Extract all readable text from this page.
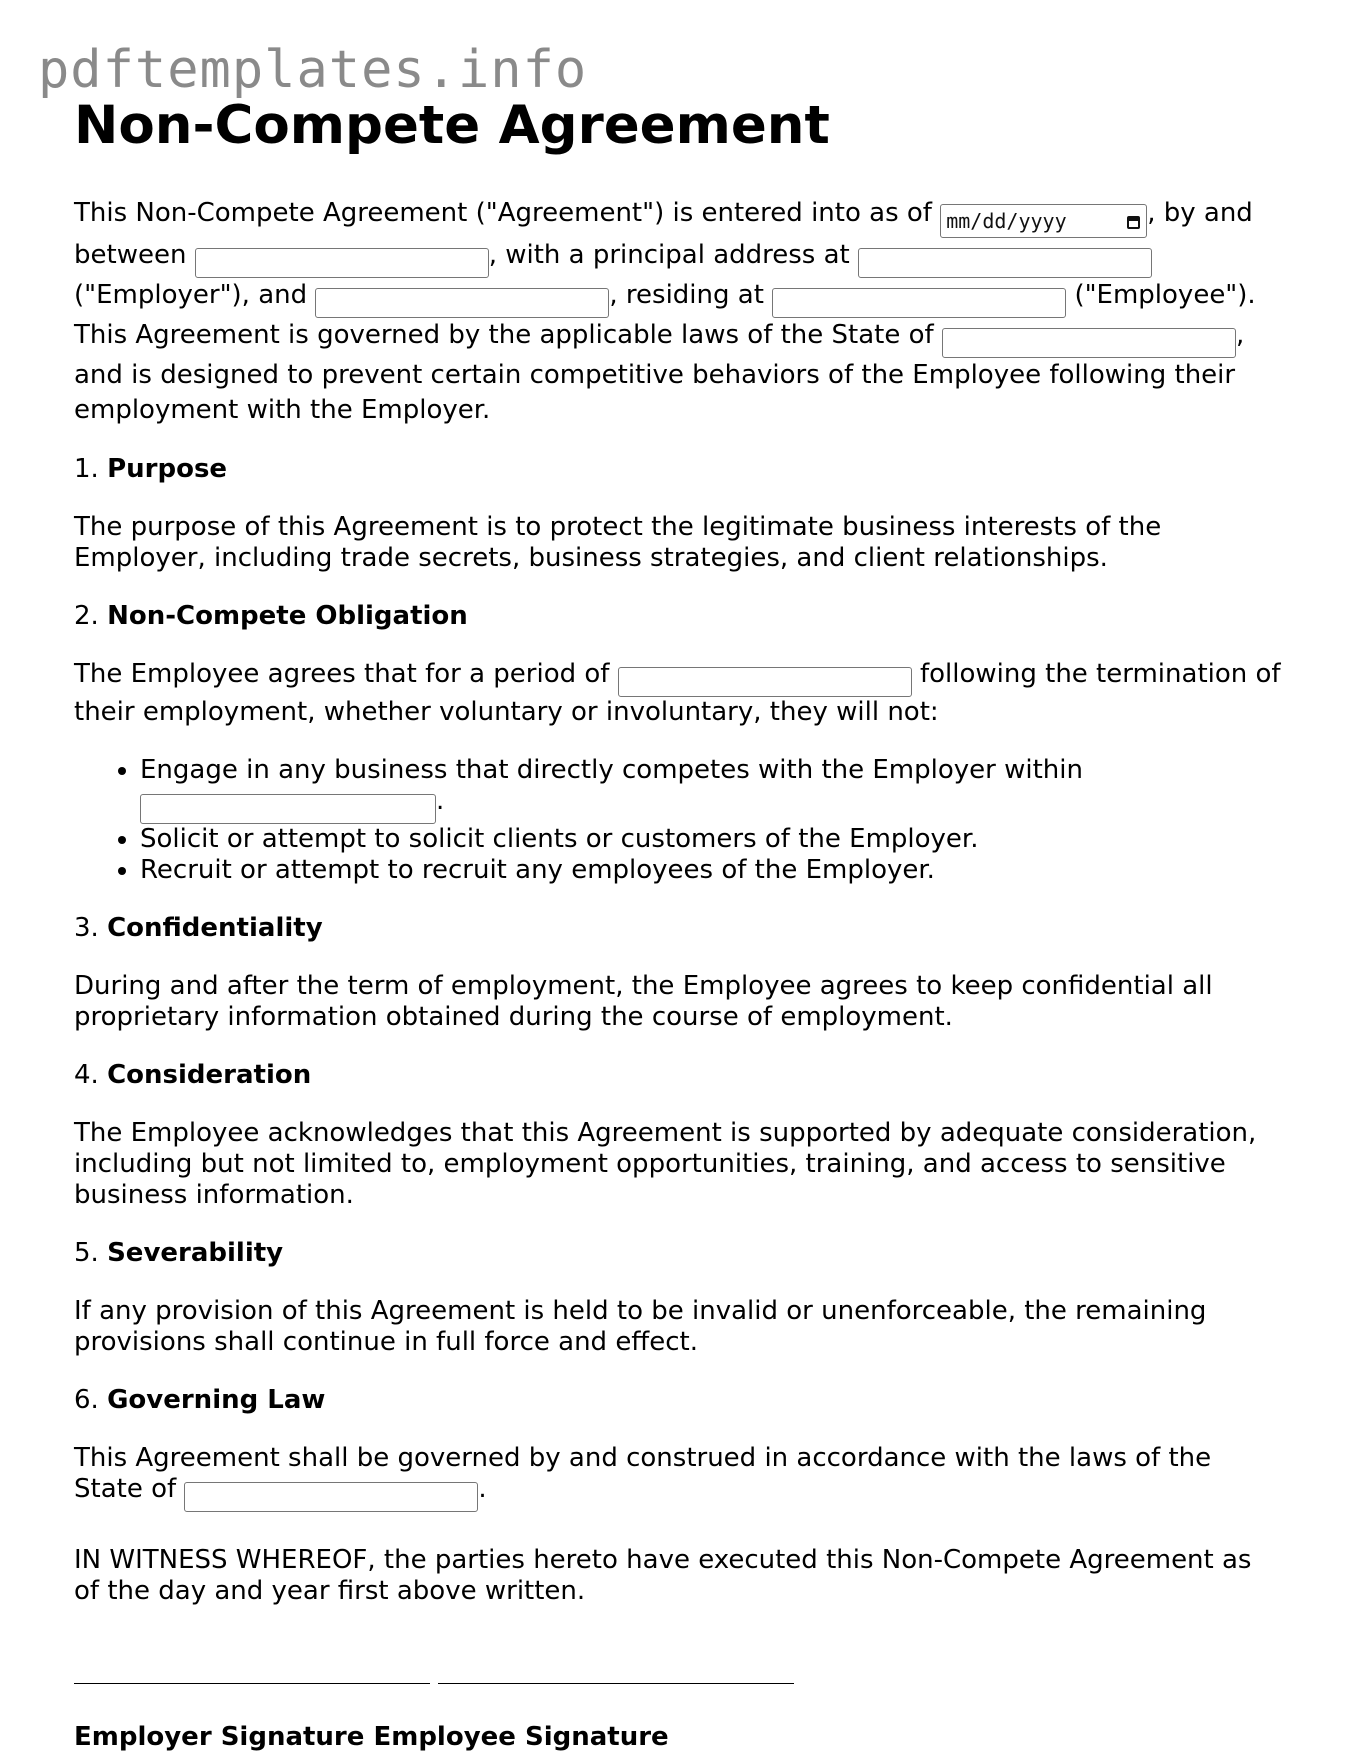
pdftemplates.info
Non-Compete Agreement

This Non-Compete Agreement ("Agreement") is entered into as of mm/dd/yyyy	, by and between	, with a principal address at  ("Employer"), and	, residing at	("Employee"). This Agreement is governed by the applicable laws of the State of	, and is designed to prevent certain competitive behaviors of the Employee following their employment with the Employer.

1. Purpose

The purpose of this Agreement is to protect the legitimate business interests of the Employer, including trade secrets, business strategies, and client relationships.

2. Non-Compete Obligation

The Employee agrees that for a period of	following the termination of their employment, whether voluntary or involuntary, they will not:

• Engage in any business that directly competes with the Employer within .
• Solicit or attempt to solicit clients or customers of the Employer.
• Recruit or attempt to recruit any employees of the Employer.

3. Confidentiality

During and after the term of employment, the Employee agrees to keep confidential all proprietary information obtained during the course of employment.

4. Consideration

The Employee acknowledges that this Agreement is supported by adequate consideration, including but not limited to, employment opportunities, training, and access to sensitive business information.

5. Severability

If any provision of this Agreement is held to be invalid or unenforceable, the remaining provisions shall continue in full force and effect.

6. Governing Law

This Agreement shall be governed by and construed in accordance with the laws of the State of	.

IN WITNESS WHEREOF, the parties hereto have executed this Non-Compete Agreement as of the day and year first above written.

Employer Signature Employee Signature
